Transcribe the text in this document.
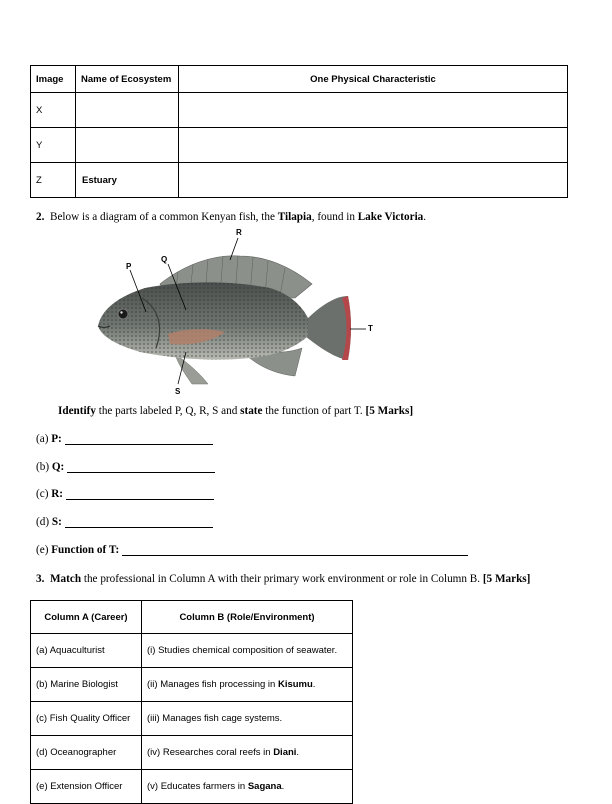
Image	Name of Ecosystem	One Physical Characteristic
X		
Y		
Z	Estuary	
2. Below is a diagram of a common Kenyan fish, the Tilapia, found in Lake Victoria.
P
Q
R
S
T
Identify the parts labeled P, Q, R, S and state the function of part T. [5 Marks]
(a) P:
(b) Q:
(c) R:
(d) S:
(e) Function of T:
3. Match the professional in Column A with their primary work environment or role in Column B. [5 Marks]
Column A (Career)	Column B (Role/Environment)
(a) Aquaculturist	(i) Studies chemical composition of seawater.
(b) Marine Biologist	(ii) Manages fish processing in Kisumu.
(c) Fish Quality Officer	(iii) Manages fish cage systems.
(d) Oceanographer	(iv) Researches coral reefs in Diani.
(e) Extension Officer	(v) Educates farmers in Sagana.
